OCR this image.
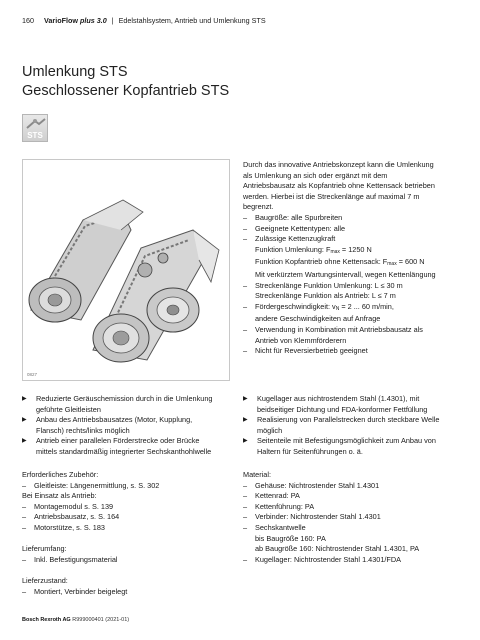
160 VarioFlow plus 3.0 | Edelstahlsystem, Antrieb und Umlenkung STS
Umlenkung STS
Geschlossener Kopfantrieb STS
STS
0827
Durch das innovative Antriebskonzept kann die Umlenkung
als Umlenkung an sich oder ergänzt mit dem
Antriebsbausatz als Kopfantrieb ohne Kettensack betrieben
werden. Hierbei ist die Streckenlänge auf maximal 7 m
begrenzt.
– Baugröße: alle Spurbreiten
– Geeignete Kettentypen: alle
– Zulässige Kettenzugkraft
Funktion Umlenkung: $F_{max} = 1250$ N
Funktion Kopfantrieb ohne Kettensack: $F_{max} = 600$ N
Mit verkürztem Wartungsintervall, wegen Kettenlängung
– Streckenlänge Funktion Umlenkung: L ≤ 30 m
Streckenlänge Funktion als Antrieb: L ≤ 7 m
– Fördergeschwindigkeit: $v_N = 2$ ... 60 m/min,
andere Geschwindigkeiten auf Anfrage
– Verwendung in Kombination mit Antriebsbausatz als
Antrieb von Klemmförderern
– Nicht für Reversierbetrieb geeignet
▶ Reduzierte Geräuschemission durch in die Umlenkung
geführte Gleitleisten
▶ Anbau des Antriebsbausatzes (Motor, Kupplung,
Flansch) rechts/links möglich
▶ Antrieb einer parallelen Förderstrecke oder Brücke
mittels standardmäßig integrierter Sechskanthohlwelle
▶ Kugellager aus nichtrostendem Stahl (1.4301), mit
beidseitiger Dichtung und FDA-konformer Fettfüllung
▶ Realisierung von Parallelstrecken durch steckbare Welle
möglich
▶ Seitenteile mit Befestigungsmöglichkeit zum Anbau von
Haltern für Seitenführungen o. ä.
Erforderliches Zubehör:
– Gleitleiste: Längenermittlung, s. S. 302
Bei Einsatz als Antrieb:
– Montagemodul s. S. 139
– Antriebsbausatz, s. S. 164
– Motorstütze, s. S. 183
Lieferumfang:
– Inkl. Befestigungsmaterial
Lieferzustand:
– Montiert, Verbinder beigelegt
Material:
– Gehäuse: Nichtrostender Stahl 1.4301
– Kettenrad: PA
– Kettenführung: PA
– Verbinder: Nichtrostender Stahl 1.4301
– Sechskantwelle
bis Baugröße 160: PA
ab Baugröße 160: Nichtrostender Stahl 1.4301, PA
– Kugellager: Nichtrostender Stahl 1.4301/FDA
Bosch Rexroth AG R999000401 (2021-01)
